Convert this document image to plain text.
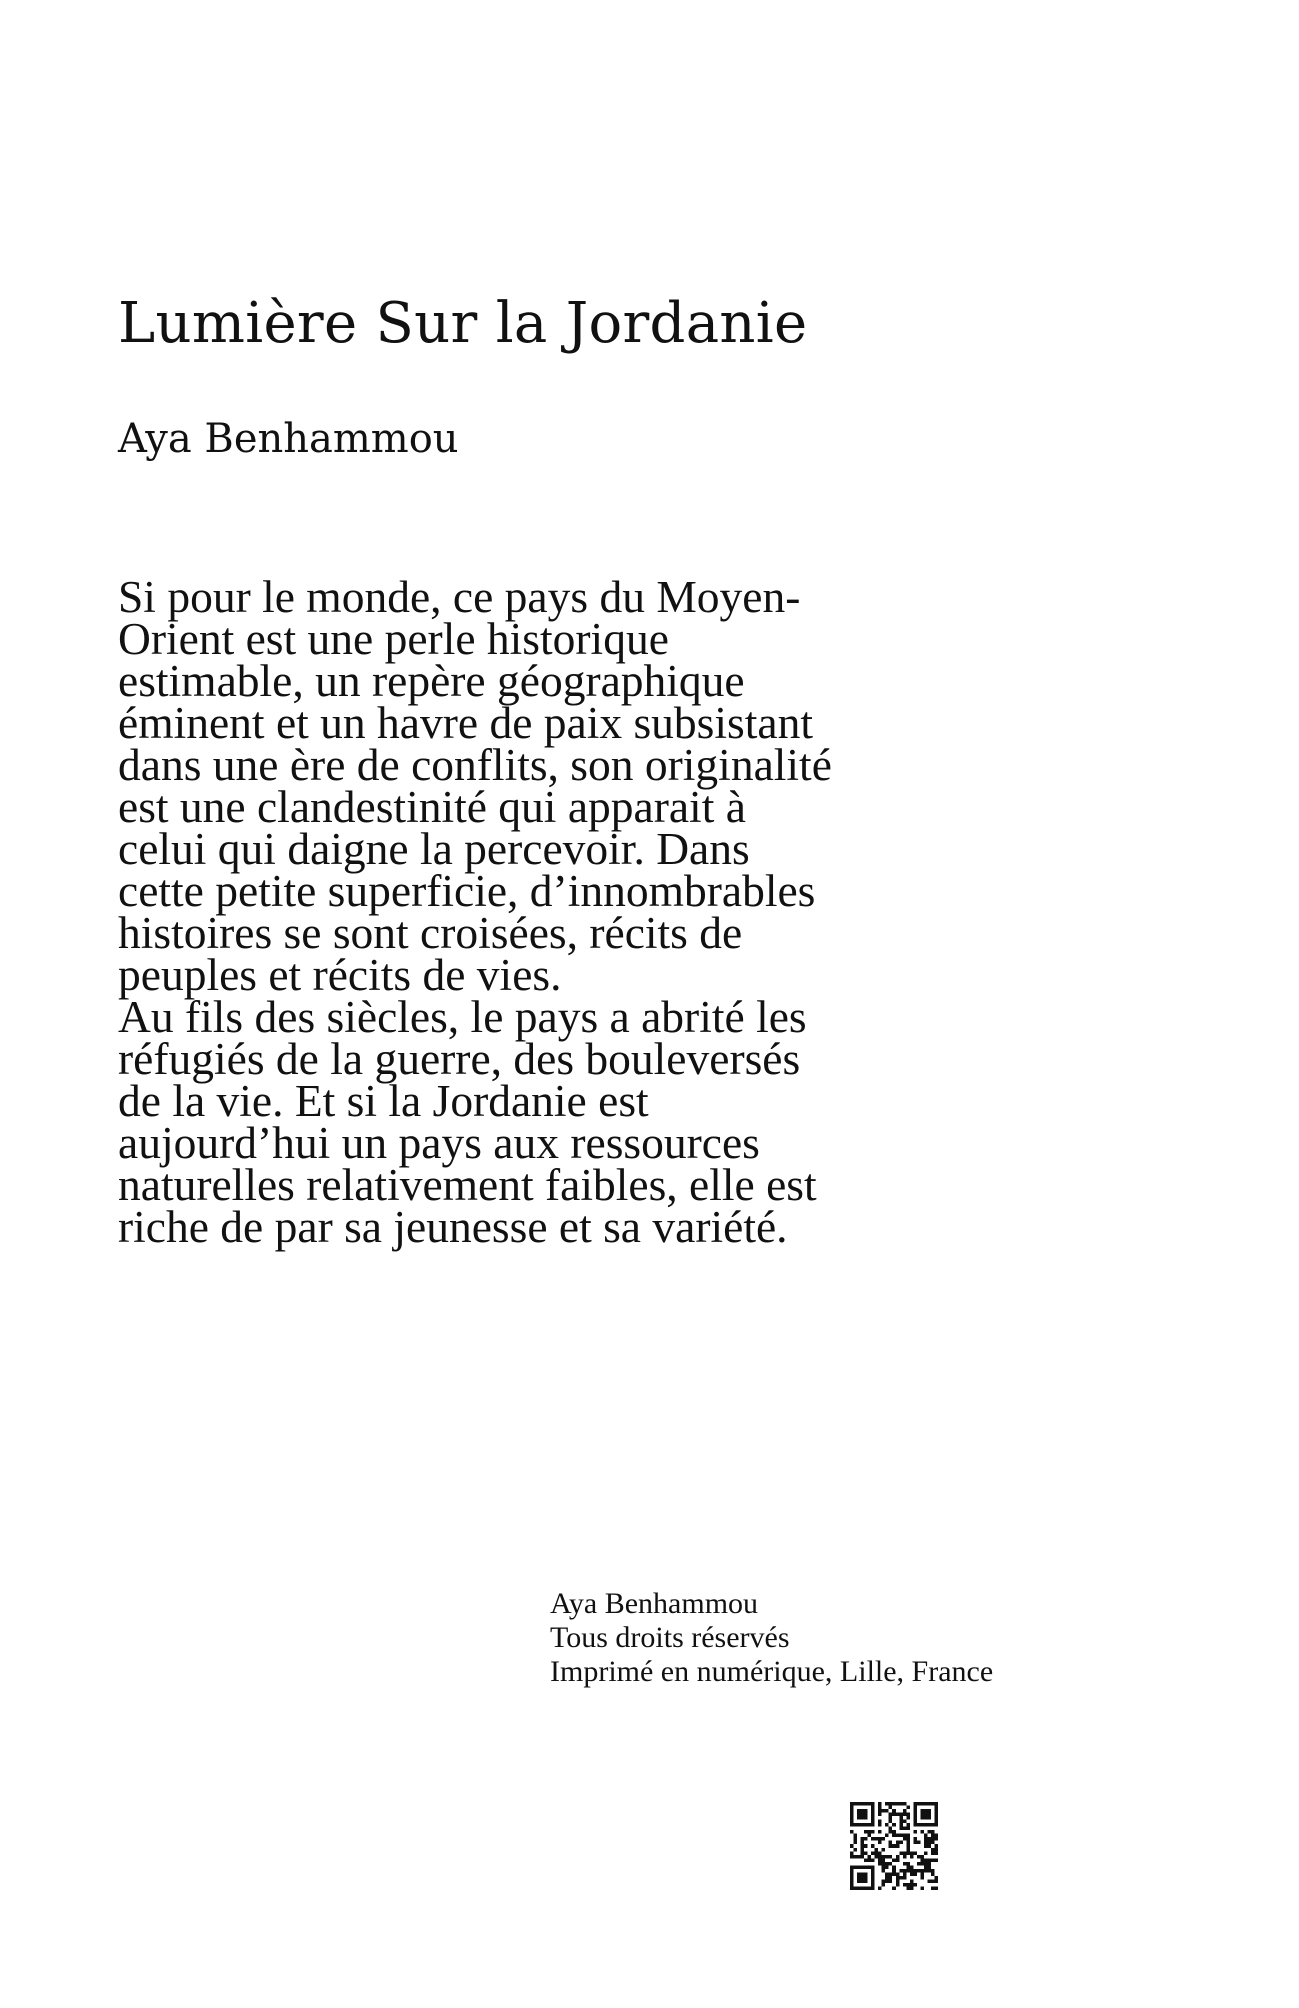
Lumière Sur la Jordanie
Aya Benhammou

Si pour le monde, ce pays du Moyen-
Orient est une perle historique
estimable, un repère géographique
éminent et un havre de paix subsistant
dans une ère de conflits, son originalité
est une clandestinité qui apparait à
celui qui daigne la percevoir. Dans
cette petite superficie, d’innombrables
histoires se sont croisées, récits de
peuples et récits de vies.
Au fils des siècles, le pays a abrité les
réfugiés de la guerre, des bouleversés
de la vie. Et si la Jordanie est
aujourd’hui un pays aux ressources
naturelles relativement faibles, elle est
riche de par sa jeunesse et sa variété.

Aya Benhammou
Tous droits réservés
Imprimé en numérique, Lille, France
